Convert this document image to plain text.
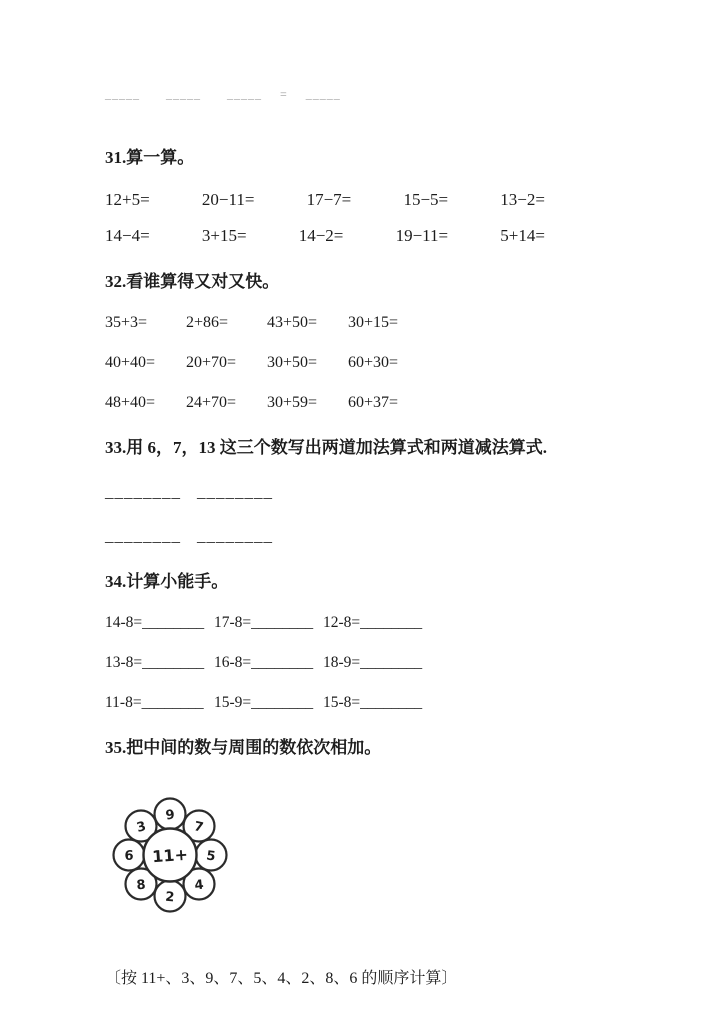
_____ _____ _____ = _____
31.算一算。
12+5=	20−11=	17−7=	15−5=	13−2=
14−4=	3+15=	14−2=	19−11=	5+14=
32.看谁算得又对又快。
35+3=	2+86=	43+50=	30+15=
40+40=	20+70=	30+50=	60+30=
48+40=	24+70=	30+59=	60+37=
33.用 6，7，13 这三个数写出两道加法算式和两道减法算式.
________ ________
________ ________
34.计算小能手。
14-8=________ 17-8=________ 12-8=________
13-8=________ 16-8=________ 18-9=________
11-8=________ 15-9=________ 15-8=________
35.把中间的数与周围的数依次相加。
3
9
7
5
4
2
8
6 11+
〔按 11+、3、9、7、5、4、2、8、6 的顺序计算〕
